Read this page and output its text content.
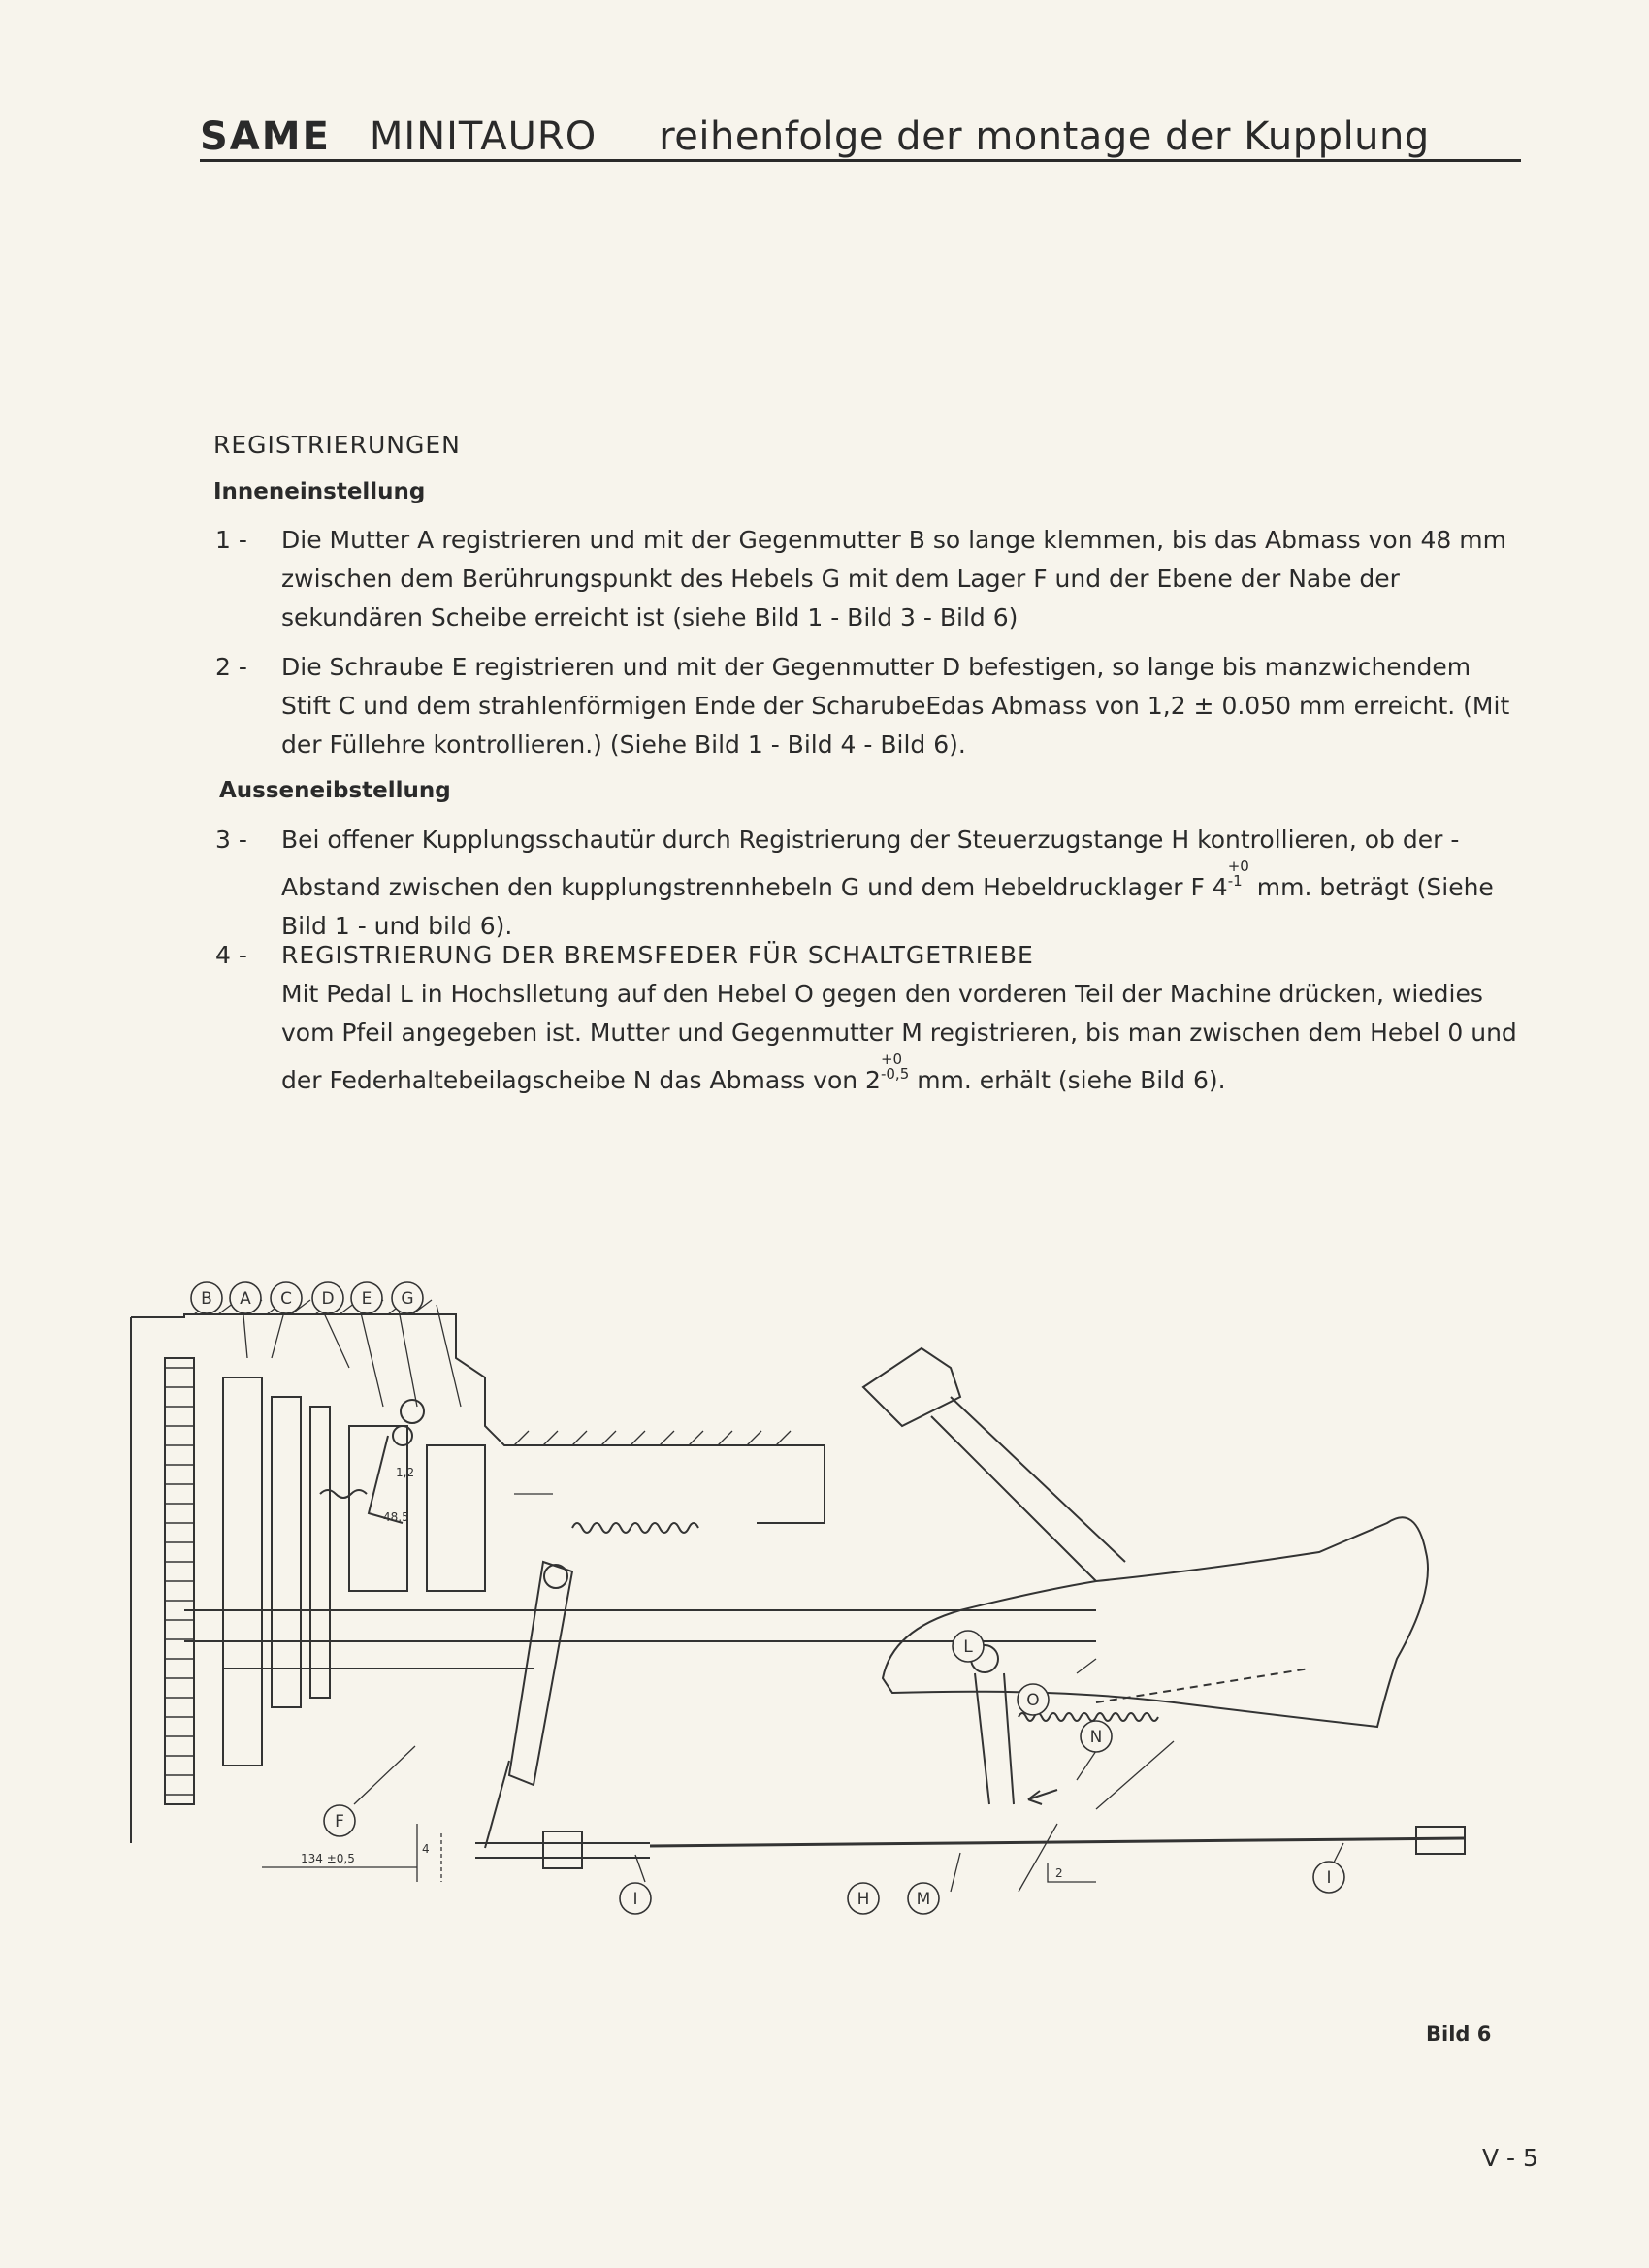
SAME MINITAURO reihenfolge der montage der Kupplung
REGISTRIERUNGEN
Inneneinstellung
1 -	Die Mutter A registrieren und mit der Gegenmutter B so lange klemmen, bis das Abmass von 48 mm zwischen dem Berührungspunkt des Hebels G mit dem Lager F und der Ebene der Nabe der sekundären Scheibe erreicht ist (siehe Bild 1 - Bild 3 - Bild 6)
2 -	Die Schraube E registrieren und mit der Gegenmutter D befestigen, so lange bis manzwichendem Stift C und dem strahlenförmigen Ende der ScharubeEdas Abmass von 1,2 ± 0.050 mm erreicht. (Mit der Füllehre kontrollieren.) (Siehe Bild 1 - Bild 4 - Bild 6).
Ausseneibstellung
3 -	Bei offener Kupplungsschautür durch Registrierung der Steuerzugstange H kontrollieren, ob der - Abstand zwischen den kupplungstrennhebeln G und dem Hebeldrucklager F 4+0
-1 mm. beträgt (Siehe Bild 1 - und bild 6).
4 -	REGISTRIERUNG DER BREMSFEDER FÜR SCHALTGETRIEBE
Mit Pedal L in Hochslletung auf den Hebel O gegen den vorderen Teil der Machine drücken, wiedies vom Pfeil angegeben ist. Mutter und Gegenmutter M registrieren, bis man zwischen dem Hebel 0 und der Federhaltebeilagscheibe N das Abmass von 2+0
-0,5 mm. erhält (siehe Bild 6).
B A C D E G
F
L
O
N
I	H	M
I
48,5
1,2
134 ±0,5
4
2
Bild 6
V - 5
